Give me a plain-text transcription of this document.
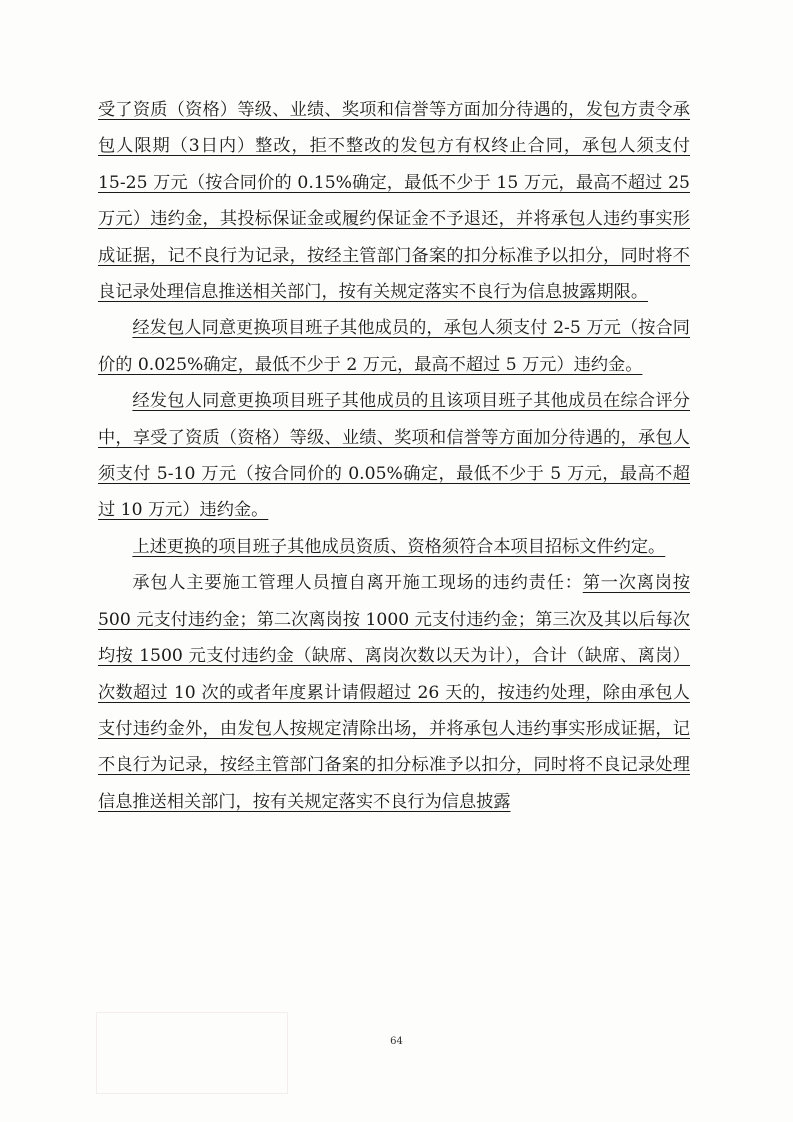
受了资质（资格）等级、业绩、奖项和信誉等方面加分待遇的，发包方责令承包人限期（3日内）整改，拒不整改的发包方有权终止合同，承包人须支付 15-25 万元（按合同价的 0.15%确定，最低不少于 15 万元，最高不超过 25 万元）违约金，其投标保证金或履约保证金不予退还，并将承包人违约事实形成证据，记不良行为记录，按经主管部门备案的扣分标准予以扣分，同时将不良记录处理信息推送相关部门，按有关规定落实不良行为信息披露期限。

经发包人同意更换项目班子其他成员的，承包人须支付 2-5 万元（按合同价的 0.025%确定，最低不少于 2 万元，最高不超过 5 万元）违约金。

经发包人同意更换项目班子其他成员的且该项目班子其他成员在综合评分中，享受了资质（资格）等级、业绩、奖项和信誉等方面加分待遇的，承包人须支付 5-10 万元（按合同价的 0.05%确定，最低不少于 5 万元，最高不超过 10 万元）违约金。

上述更换的项目班子其他成员资质、资格须符合本项目招标文件约定。

承包人主要施工管理人员擅自离开施工现场的违约责任：第一次离岗按 500 元支付违约金；第二次离岗按 1000 元支付违约金；第三次及其以后每次均按 1500 元支付违约金（缺席、离岗次数以天为计），合计（缺席、离岗）次数超过 10 次的或者年度累计请假超过 26 天的，按违约处理，除由承包人支付违约金外，由发包人按规定清除出场，并将承包人违约事实形成证据，记不良行为记录，按经主管部门备案的扣分标准予以扣分，同时将不良记录处理信息推送相关部门，按有关规定落实不良行为信息披露

64
